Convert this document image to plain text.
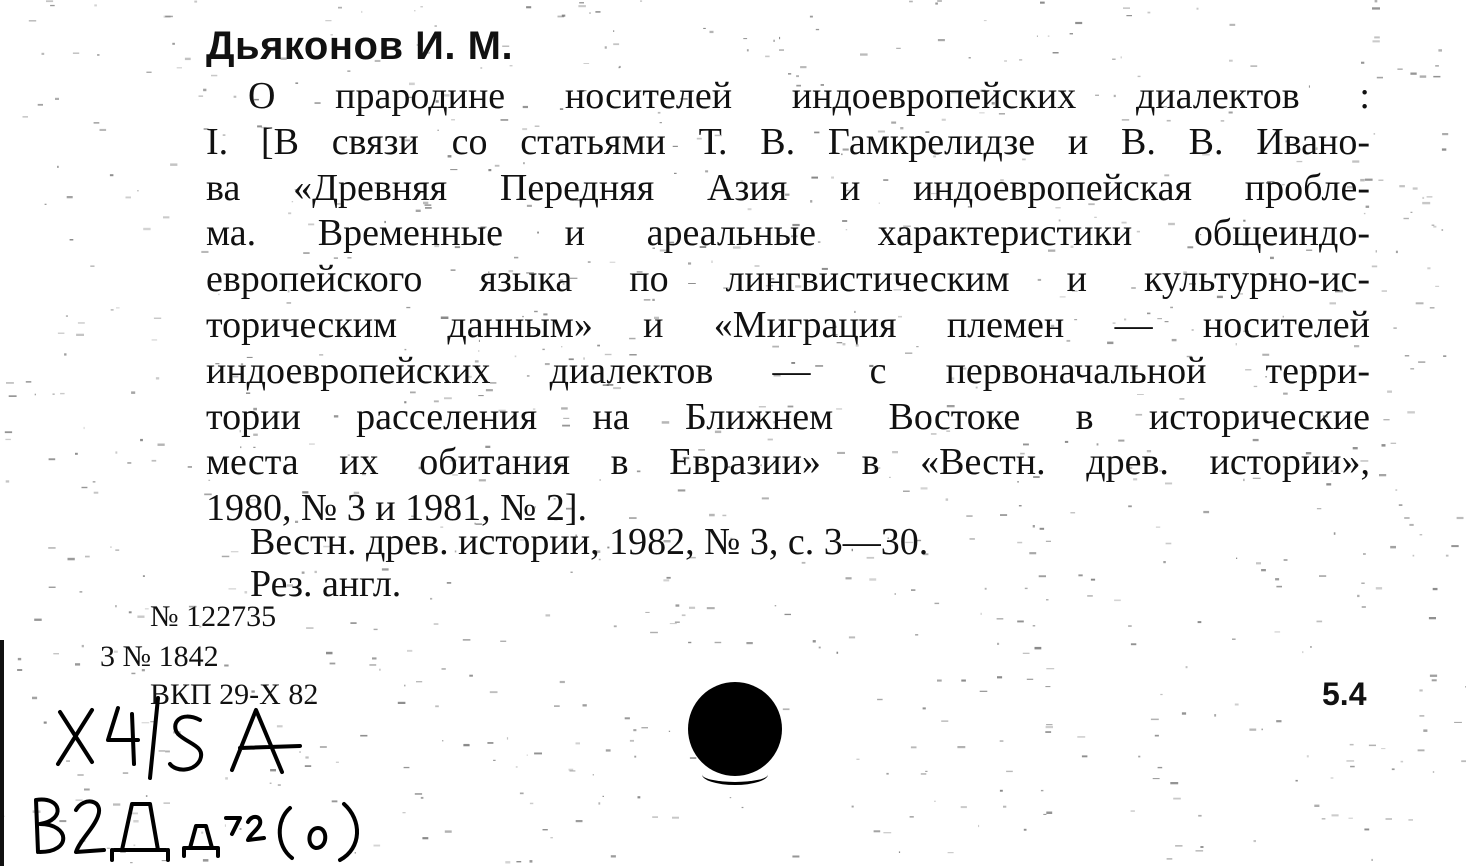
Дьяконов И. М.
О прародине носителей индоевропейских диалектов :
I. [В связи со статьями Т. В. Гамкрелидзе и В. В. Ивано-
ва «Древняя Передняя Азия и индоевропейская пробле-
ма. Временные и ареальные характеристики общеиндо-
европейского языка по лингвистическим и культурно-ис-
торическим данным» и «Миграция племен — носителей
индоевропейских диалектов — с первоначальной терри-
тории расселения на Ближнем Востоке в исторические
места их обитания в Евразии» в «Вестн. древ. истории»,
1980, № 3 и 1981, № 2].
Вестн. древ. истории, 1982, № 3, с. 3—30.
Рез. англ.
№ 122735
3 № 1842
ВКП 29-Х 82	5.4
